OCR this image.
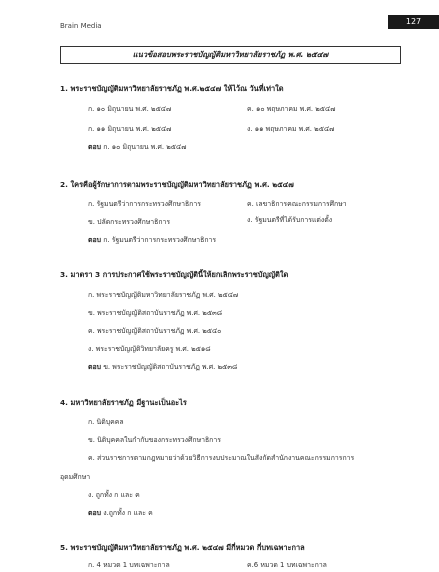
Brain Media	127
แนวข้อสอบพระราชบัญญัติมหาวิทยาลัยราชภัฏ พ.ศ. ๒๕๔๗
1. พระราชบัญญัติมหาวิทยาลัยราชภัฏ พ.ศ.๒๕๔๗ ให้ไว้ณ วันที่เท่าใด
ก. ๑๐ มิถุนายน พ.ศ. ๒๕๔๗	ค. ๑๐ พฤษภาคม พ.ศ. ๒๕๔๗
ก. ๑๑ มิถุนายน พ.ศ. ๒๕๔๗	ง. ๑๑ พฤษภาคม พ.ศ. ๒๕๔๗
ตอบ ก. ๑๐ มิถุนายน พ.ศ. ๒๕๔๗
2. ใครคือผู้รักษาการตามพระราชบัญญัติมหาวิทยาลัยราชภัฏ พ.ศ. ๒๕๔๗
ก. รัฐมนตรีว่าการกระทรวงศึกษาธิการ	ค. เลขาธิการคณะกรรมการศึกษา
ข. ปลัดกระทรวงศึกษาธิการ	ง. รัฐมนตรีที่ได้รับการแต่งตั้ง
ตอบ ก. รัฐมนตรีว่าการกระทรวงศึกษาธิการ
3. มาตรา 3 การประกาศใช้พระราชบัญญัตินี้ให้ยกเลิกพระราชบัญญัติใด
ก. พระราชบัญญัติมหาวิทยาลัยราชภัฏ พ.ศ. ๒๕๔๗
ข. พระราชบัญญัติสถาบันราชภัฏ พ.ศ. ๒๕๓๘
ค. พระราชบัญญัติสถาบันราชภัฏ พ.ศ. ๒๕๔๐
ง. พระราชบัญญัติวิทยาลัยครู พ.ศ. ๒๕๑๘
ตอบ ข. พระราชบัญญัติสถาบันราชภัฏ พ.ศ. ๒๕๓๘
4. มหาวิทยาลัยราชภัฏ มีฐานะเป็นอะไร
ก. นิติบุคคล
ข. นิติบุคคลในกำกับของกระทรวงศึกษาธิการ
ค. ส่วนราชการตามกฎหมายว่าด้วยวิธีการงบประมาณในสังกัดสำนักงานคณะกรรมการการ
อุดมศึกษา
ง. ถูกทั้ง ก และ ค
ตอบ ง.ถูกทั้ง ก และ ค
5. พระราชบัญญัติมหาวิทยาลัยราชภัฏ พ.ศ. ๒๕๔๗ มีกี่หมวด กี่บทเฉพาะกาล
ก. 4 หมวด 1 บทเฉพาะกาล	ค.6 หมวด 1 บทเฉพาะกาล
